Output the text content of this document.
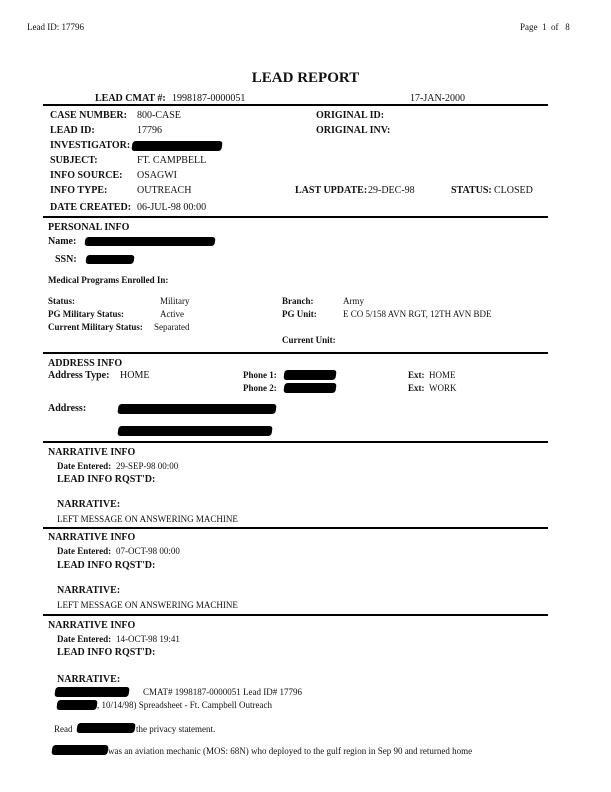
Lead ID: 17796	Page 1 of 8
LEAD REPORT
LEAD CMAT #: 1998187-0000051	17-JAN-2000
CASE NUMBER: 800-CASE
LEAD ID:	17796
INVESTIGATOR:
SUBJECT:	FT. CAMPBELL
INFO SOURCE: OSAGWI
INFO TYPE:	OUTREACH
DATE CREATED: 06-JUL-98 00:00
ORIGINAL ID:
ORIGINAL INV:
LAST UPDATE: 29-DEC-98	STATUS: CLOSED
PERSONAL INFO
Name:
SSN:
Medical Programs Enrolled In:
Status:	Military
PG Military Status:	Active
Current Military Status: Separated
Branch:	Army
PG Unit:	E CO 5/158 AVN RGT, 12TH AVN BDE
Current Unit:
ADDRESS INFO
Address Type: HOME	Phone 1:
Phone 2:
Ext: HOME
Ext: WORK
Address:
NARRATIVE INFO
Date Entered: 29-SEP-98 00:00
LEAD INFO RQST'D:
NARRATIVE:
LEFT MESSAGE ON ANSWERING MACHINE
NARRATIVE INFO
Date Entered: 07-OCT-98 00:00
LEAD INFO RQST'D:
NARRATIVE:
LEFT MESSAGE ON ANSWERING MACHINE
NARRATIVE INFO
Date Entered: 14-OCT-98 19:41
LEAD INFO RQST'D:
NARRATIVE:
CMAT# 1998187-0000051 Lead ID# 17796
, 10/14/98) Spreadsheet - Ft. Campbell Outreach
Read	the privacy statement.
was an aviation mechanic (MOS: 68N) who deployed to the gulf region in Sep 90 and returned home
